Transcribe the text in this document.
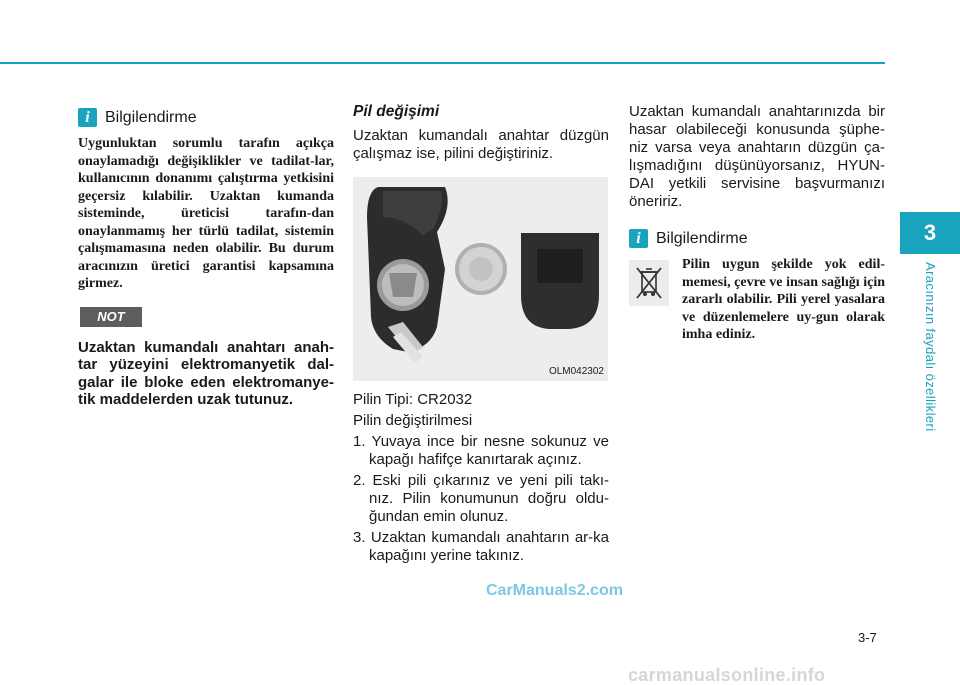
3
Aracınızın faydalı özellikleri
i Bilgilendirme

Uygunluktan sorumlu tarafın açıkça onaylamadığı değişiklikler ve tadilat-lar, kullanıcının donanımı çalıştırma yetkisini geçersiz kılabilir. Uzaktan kumanda sisteminde, üreticisi tarafın-dan onaylanmamış her türlü tadilat, sistemin çalışmamasına neden olabilir. Bu durum aracınızın üretici garantisi kapsamına girmez.

NOT

Uzaktan kumandalı anahtarı anah-tar yüzeyini elektromanyetik dal-galar ile bloke eden elektromanye-tik maddelerden uzak tutunuz.

Pil değişimi

Uzaktan kumandalı anahtar düzgün çalışmaz ise, pilini değiştiriniz.

OLM042302

Pilin Tipi: CR2032

Pilin değiştirilmesi

1. Yuvaya ince bir nesne sokunuz ve kapağı hafifçe kanırtarak açınız.
2. Eski pili çıkarınız ve yeni pili takı-nız. Pilin konumunun doğru oldu-ğundan emin olunuz.
3. Uzaktan kumandalı anahtarın ar-ka kapağını yerine takınız.

Uzaktan kumandalı anahtarınızda bir hasar olabileceği konusunda şüphe-niz varsa veya anahtarın düzgün ça-lışmadığını düşünüyorsanız, HYUN-DAI yetkili servisine başvurmanızı öneririz.

i Bilgilendirme

Pilin uygun şekilde yok edil-memesi, çevre ve insan sağlığı için zararlı olabilir. Pili yerel yasalara ve düzenlemelere uy-gun olarak imha ediniz.

CarManuals2.com
3-7
carmanualsonline.info
